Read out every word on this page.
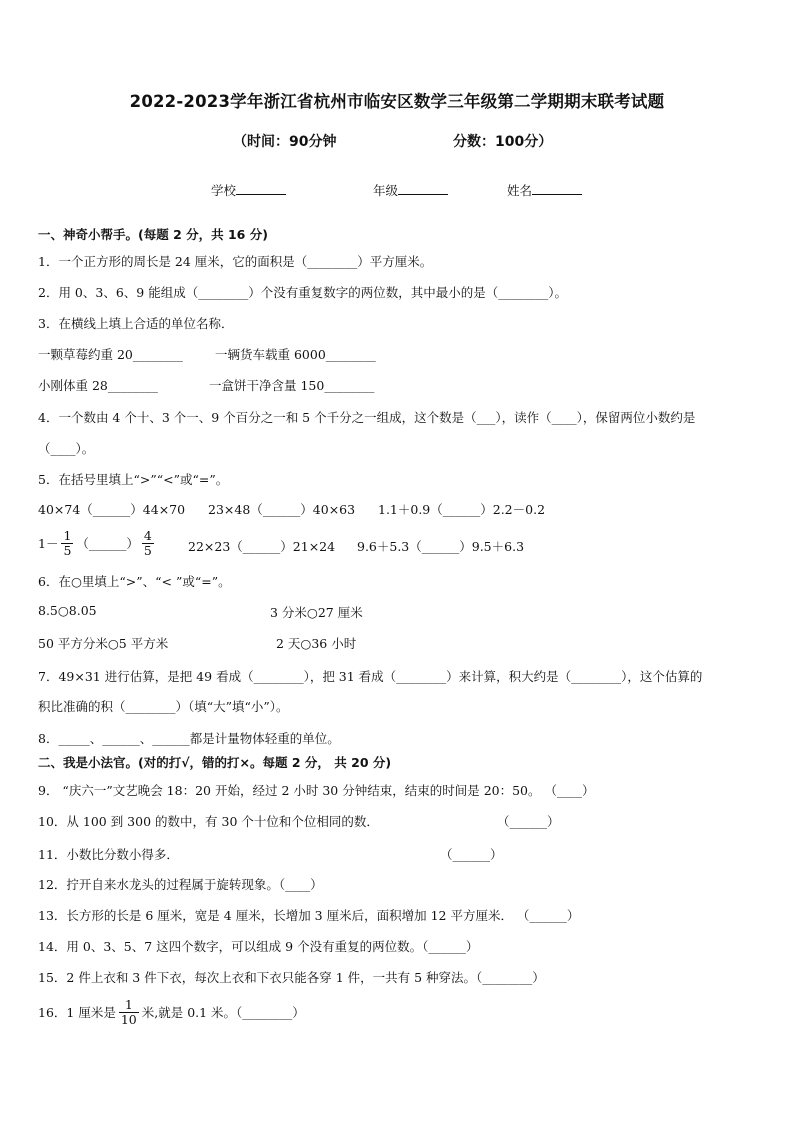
2022-2023学年浙江省杭州市临安区数学三年级第二学期期末联考试题
（时间：90分钟	分数：100分）
学校	年级	姓名
一、神奇小帮手。(每题 2 分，共 16 分)
1．一个正方形的周长是 24 厘米，它的面积是（________）平方厘米。
2．用 0、3、6、9 能组成（________）个没有重复数字的两位数，其中最小的是（________）。
3．在横线上填上合适的单位名称．
一颗草莓约重 20________	一辆货车载重 6000________
小刚体重 28________	一盒饼干净含量 150________
4．一个数由 4 个十、3 个一、9 个百分之一和 5 个千分之一组成，这个数是（___），读作（____），保留两位小数约是
（____）。
5．在括号里填上“>”“<”或“=”。
40×74（______）44×70 23×48（______）40×63 1.1＋0.9（______）2.2－0.2
$1- \frac{1}{5}$ （______） $\frac{4}{5}$	22×23（______）21×24 9.6＋5.3（______）9.5＋6.3
6．在○里填上“>”、“< ”或“=”。
8.5○8.05	3 分米○27 厘米
50 平方分米○5 平方米	2 天○36 小时
7．49×31 进行估算，是把 49 看成（________），把 31 看成（________）来计算，积大约是（________），这个估算的
积比准确的积（________）（填“大”填“小”）。
8．_____、______、______都是计量物体轻重的单位。
二、我是小法官。(对的打√，错的打×。每题 2 分， 共 20 分)
9． “庆六一”文艺晚会 18：20 开始，经过 2 小时 30 分钟结束，结束的时间是 20：50。 （____）
10．从 100 到 300 的数中，有 30 个十位和个位相同的数．	（______）
11．小数比分数小得多．	（______）
12．拧开自来水龙头的过程属于旋转现象。（____）
13．长方形的长是 6 厘米，宽是 4 厘米，长增加 3 厘米后，面积增加 12 平方厘米． （______）
14．用 0、3、5、7 这四个数字，可以组成 9 个没有重复的两位数。（______）
15．2 件上衣和 3 件下衣，每次上衣和下衣只能各穿 1 件，一共有 5 种穿法。（________）
16．1 厘米是 $\frac{1}{10}$ 米,就是 0.1 米。（________）
